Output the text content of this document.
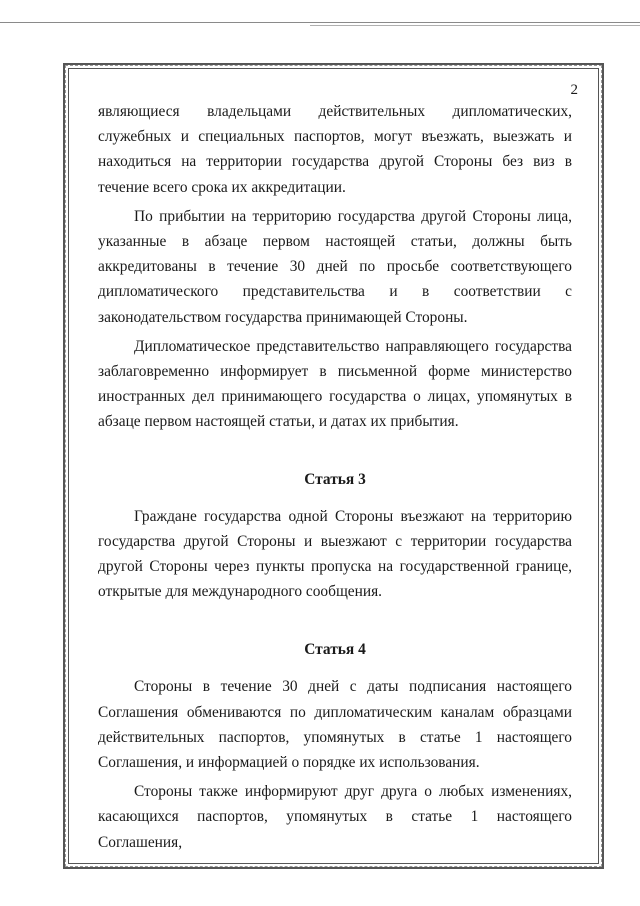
2

являющиеся владельцами действительных дипломатических, служебных и специальных паспортов, могут въезжать, выезжать и находиться на территории государства другой Стороны без виз в течение всего срока их аккредитации.

По прибытии на территорию государства другой Стороны лица, указанные в абзаце первом настоящей статьи, должны быть аккредитованы в течение 30 дней по просьбе соответствующего дипломатического представительства и в соответствии с законодательством государства принимающей Стороны.

Дипломатическое представительство направляющего государства заблаговременно информирует в письменной форме министерство иностранных дел принимающего государства о лицах, упомянутых в абзаце первом настоящей статьи, и датах их прибытия.

Статья 3

Граждане государства одной Стороны въезжают на территорию государства другой Стороны и выезжают с территории государства другой Стороны через пункты пропуска на государственной границе, открытые для международного сообщения.

Статья 4

Стороны в течение 30 дней с даты подписания настоящего Соглашения обмениваются по дипломатическим каналам образцами действительных паспортов, упомянутых в статье 1 настоящего Соглашения, и информацией о порядке их использования.

Стороны также информируют друг друга о любых изменениях, касающихся паспортов, упомянутых в статье 1 настоящего Соглашения,
